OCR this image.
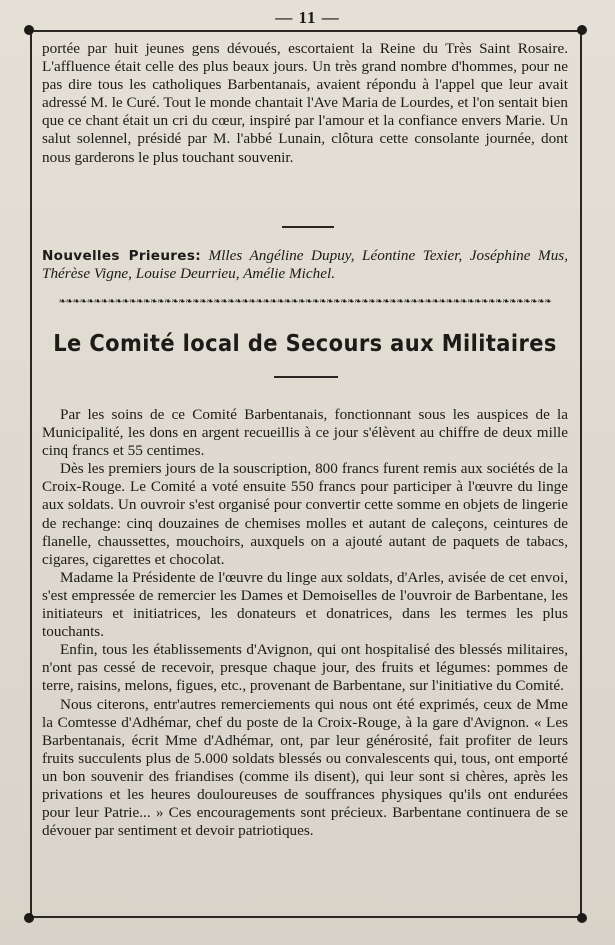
— 11 —

portée par huit jeunes gens dévoués, escortaient la Reine du Très Saint Rosaire. L'affluence était celle des plus beaux jours. Un très grand nombre d'hommes, pour ne pas dire tous les catholiques Barbentanais, avaient répondu à l'appel que leur avait adressé M. le Curé. Tout le monde chantait l'Ave Maria de Lourdes, et l'on sentait bien que ce chant était un cri du cœur, inspiré par l'amour et la confiance envers Marie. Un salut solennel, présidé par M. l'abbé Lunain, clôtura cette consolante journée, dont nous garderons le plus touchant souvenir.

Nouvelles Prieures: Mlles Angéline Dupuy, Léontine Texier, Joséphine Mus, Thérèse Vigne, Louise Deurrieu, Amélie Michel.
❧❧❧❧❧❧❧❧❧❧❧❧❧❧❧❧❧❧❧❧❧❧❧❧❧❧❧❧❧❧❧❧❧❧❧❧❧❧❧❧❧❧❧❧❧❧❧❧❧❧❧❧❧❧❧❧❧❧❧❧❧❧❧❧❧❧❧❧❧❧
Le Comité local de Secours aux Militaires

Par les soins de ce Comité Barbentanais, fonctionnant sous les auspices de la Municipalité, les dons en argent recueillis à ce jour s'élèvent au chiffre de deux mille cinq francs et 55 centimes.

Dès les premiers jours de la souscription, 800 francs furent remis aux sociétés de la Croix-Rouge. Le Comité a voté ensuite 550 francs pour participer à l'œuvre du linge aux soldats. Un ouvroir s'est organisé pour convertir cette somme en objets de lingerie de rechange: cinq douzaines de chemises molles et autant de caleçons, ceintures de flanelle, chaussettes, mouchoirs, auxquels on a ajouté autant de paquets de tabacs, cigares, cigarettes et chocolat.

Madame la Présidente de l'œuvre du linge aux soldats, d'Arles, avisée de cet envoi, s'est empressée de remercier les Dames et Demoiselles de l'ouvroir de Barbentane, les initiateurs et initiatrices, les donateurs et donatrices, dans les termes les plus touchants.

Enfin, tous les établissements d'Avignon, qui ont hospitalisé des blessés militaires, n'ont pas cessé de recevoir, presque chaque jour, des fruits et légumes: pommes de terre, raisins, melons, figues, etc., provenant de Barbentane, sur l'initiative du Comité.

Nous citerons, entr'autres remerciements qui nous ont été exprimés, ceux de Mme la Comtesse d'Adhémar, chef du poste de la Croix-Rouge, à la gare d'Avignon. « Les Barbentanais, écrit Mme d'Adhémar, ont, par leur générosité, fait profiter de leurs fruits succulents plus de 5.000 soldats blessés ou convalescents qui, tous, ont emporté un bon souvenir des friandises (comme ils disent), qui leur sont si chères, après les privations et les heures douloureuses de souffrances physiques qu'ils ont endurées pour leur Patrie... » Ces encouragements sont précieux. Barbentane continuera de se dévouer par sentiment et devoir patriotiques.
